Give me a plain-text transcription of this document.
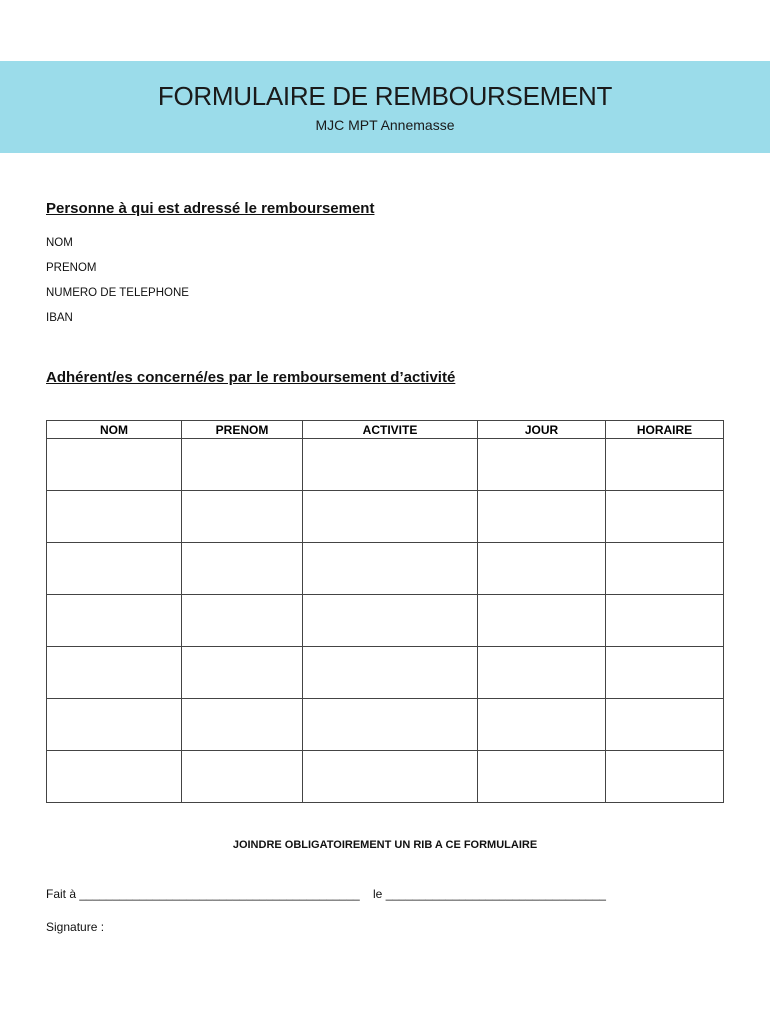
FORMULAIRE DE REMBOURSEMENT
MJC MPT Annemasse
Personne à qui est adressé le remboursement
NOM
PRENOM
NUMERO DE TELEPHONE
IBAN
Adhérent/es concerné/es par le remboursement d’activité
NOM	PRENOM	ACTIVITE	JOUR	HORAIRE

JOINDRE OBLIGATOIREMENT UN RIB A CE FORMULAIRE
Fait à __________________________________________ le _________________________________
Signature :
